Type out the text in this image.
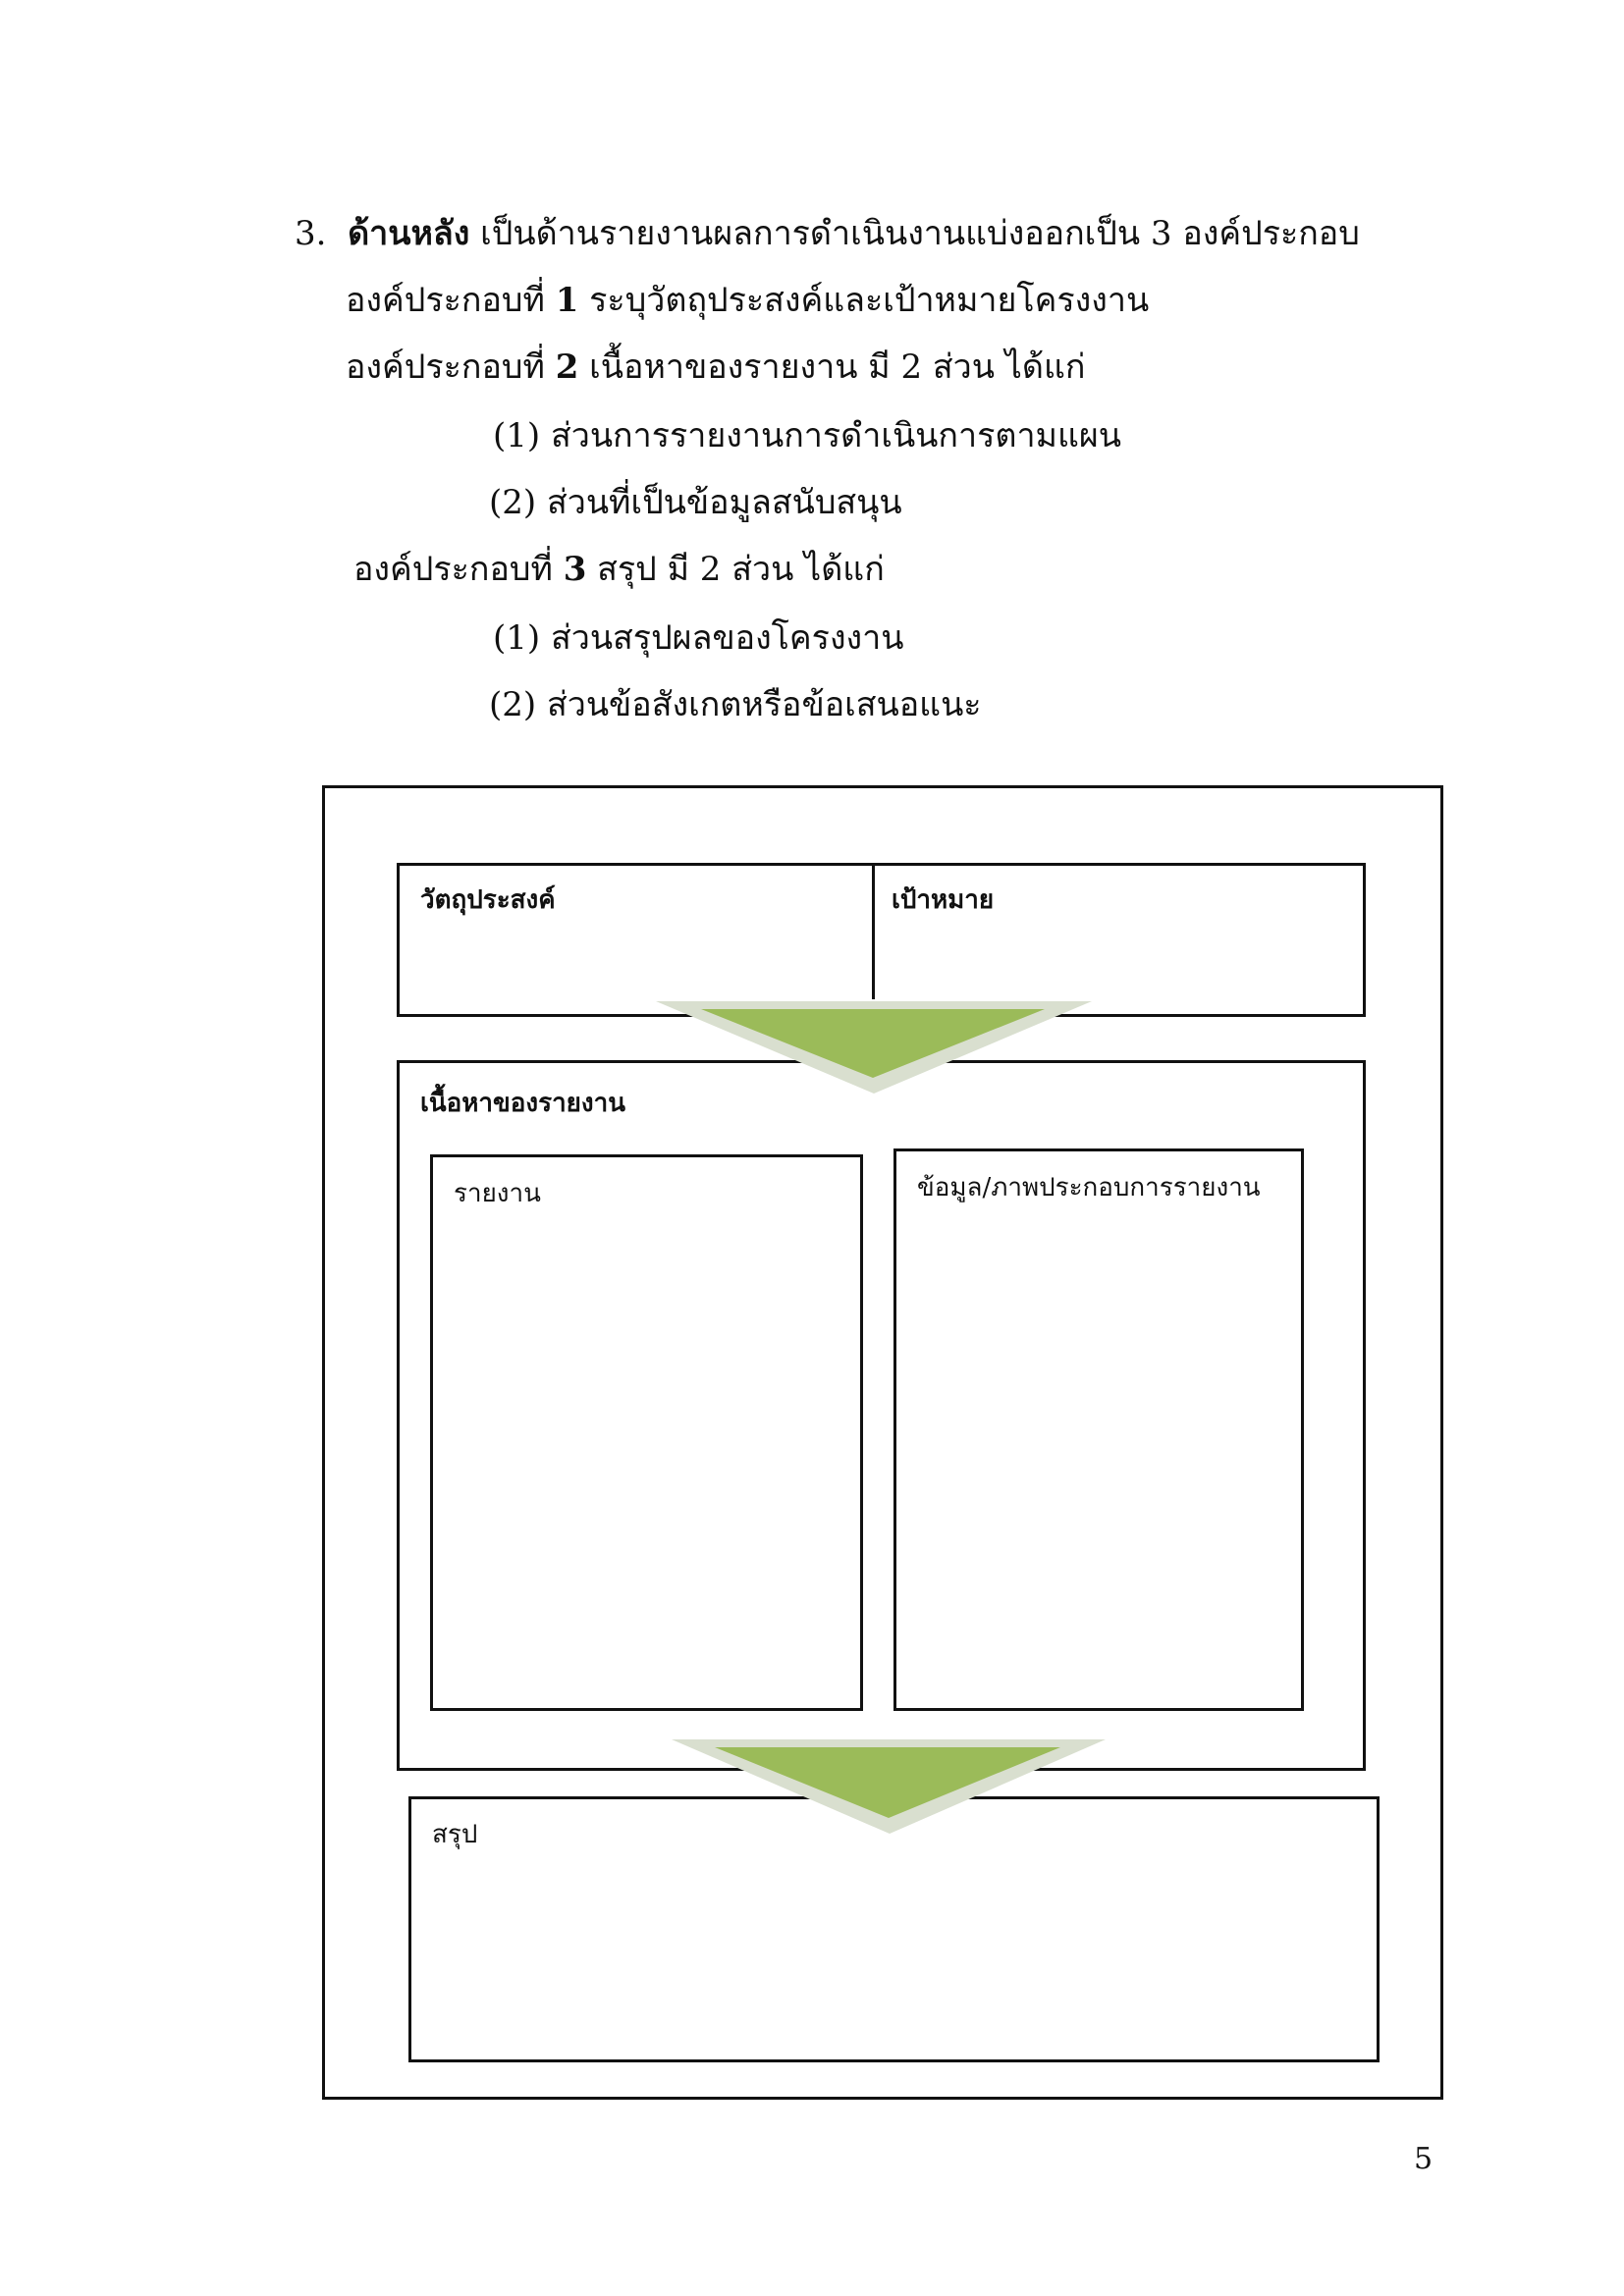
3. ด้านหลัง เป็นด้านรายงานผลการดำเนินงานแบ่งออกเป็น 3 องค์ประกอบ
องค์ประกอบที่ 1 ระบุวัตถุประสงค์และเป้าหมายโครงงาน
องค์ประกอบที่ 2 เนื้อหาของรายงาน มี 2 ส่วน ได้แก่
(1) ส่วนการรายงานการดำเนินการตามแผน
(2) ส่วนที่เป็นข้อมูลสนับสนุน
องค์ประกอบที่ 3 สรุป มี 2 ส่วน ได้แก่
(1) ส่วนสรุปผลของโครงงาน
(2) ส่วนข้อสังเกตหรือข้อเสนอแนะ
วัตถุประสงค์	เป้าหมาย
เนื้อหาของรายงาน
รายงาน	ข้อมูล/ภาพประกอบการรายงาน
สรุป
5
